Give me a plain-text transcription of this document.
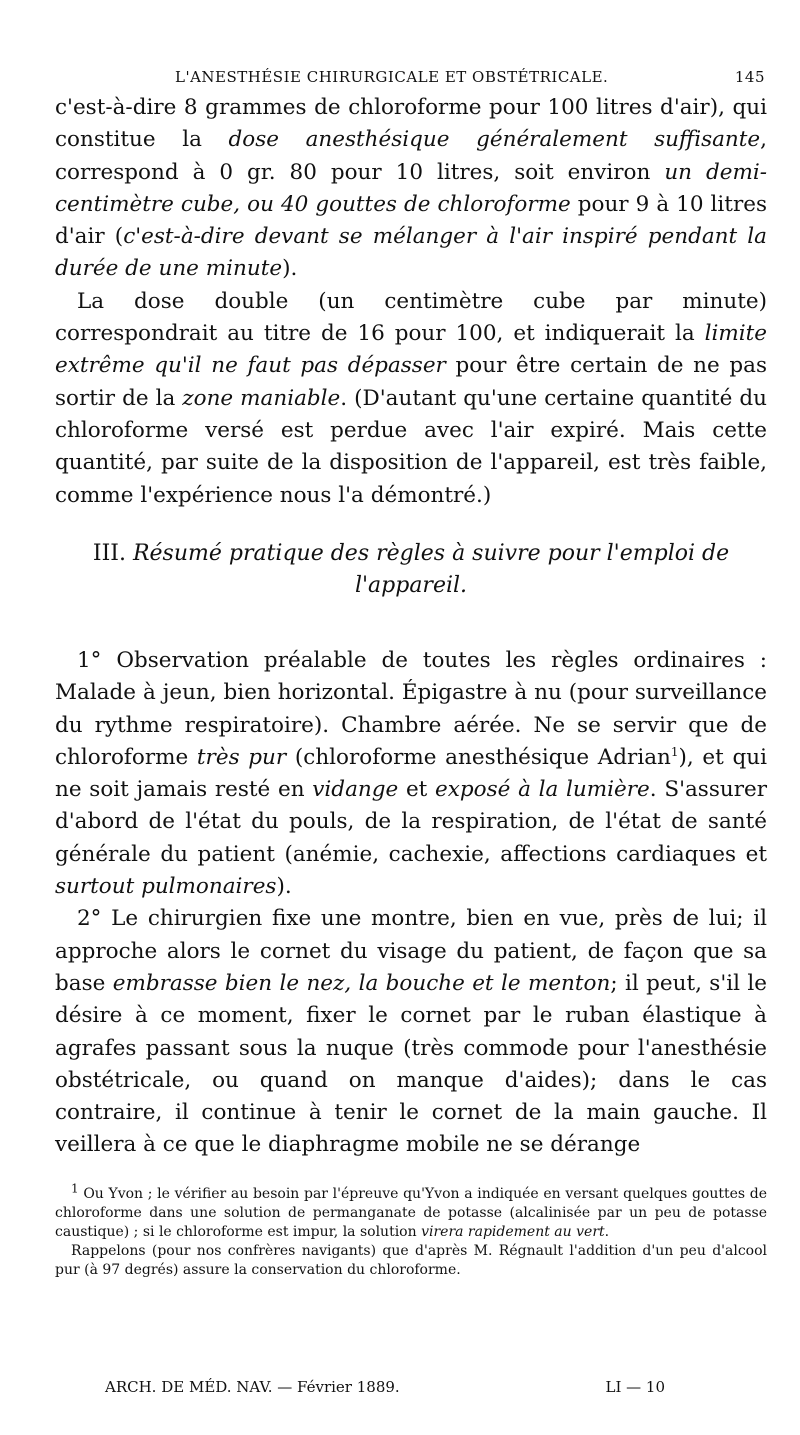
L'ANESTHÉSIE CHIRURGICALE ET OBSTÉTRICALE.	145

c'est-à-dire 8 grammes de chloroforme pour 100 litres d'air), qui constitue la dose anesthésique généralement suffisante, correspond à 0 gr. 80 pour 10 litres, soit environ un demi-centimètre cube, ou 40 gouttes de chloroforme pour 9 à 10 litres d'air (c'est-à-dire devant se mélanger à l'air inspiré pendant la durée de une minute).

La dose double (un centimètre cube par minute) correspondrait au titre de 16 pour 100, et indiquerait la limite extrême qu'il ne faut pas dépasser pour être certain de ne pas sortir de la zone maniable. (D'autant qu'une certaine quantité du chloroforme versé est perdue avec l'air expiré. Mais cette quantité, par suite de la disposition de l'appareil, est très faible, comme l'expérience nous l'a démontré.)

III. Résumé pratique des règles à suivre pour l'emploi de l'appareil.

1° Observation préalable de toutes les règles ordinaires : Malade à jeun, bien horizontal. Épigastre à nu (pour surveillance du rythme respiratoire). Chambre aérée. Ne se servir que de chloroforme très pur (chloroforme anesthésique Adrian$^1$), et qui ne soit jamais resté en vidange et exposé à la lumière. S'assurer d'abord de l'état du pouls, de la respiration, de l'état de santé générale du patient (anémie, cachexie, affections cardiaques et surtout pulmonaires).

2° Le chirurgien fixe une montre, bien en vue, près de lui; il approche alors le cornet du visage du patient, de façon que sa base embrasse bien le nez, la bouche et le menton; il peut, s'il le désire à ce moment, fixer le cornet par le ruban élastique à agrafes passant sous la nuque (très commode pour l'anesthésie obstétricale, ou quand on manque d'aides); dans le cas contraire, il continue à tenir le cornet de la main gauche. Il veillera à ce que le diaphragme mobile ne se dérange

$^1$ Ou Yvon ; le vérifier au besoin par l'épreuve qu'Yvon a indiquée en versant quelques gouttes de chloroforme dans une solution de permanganate de potasse (alcalinisée par un peu de potasse caustique) ; si le chloroforme est impur, la solution virera rapidement au vert.

Rappelons (pour nos confrères navigants) que d'après M. Régnault l'addition d'un peu d'alcool pur (à 97 degrés) assure la conservation du chloroforme.

ARCH. DE MÉD. NAV. — Février 1889.	LI — 10
